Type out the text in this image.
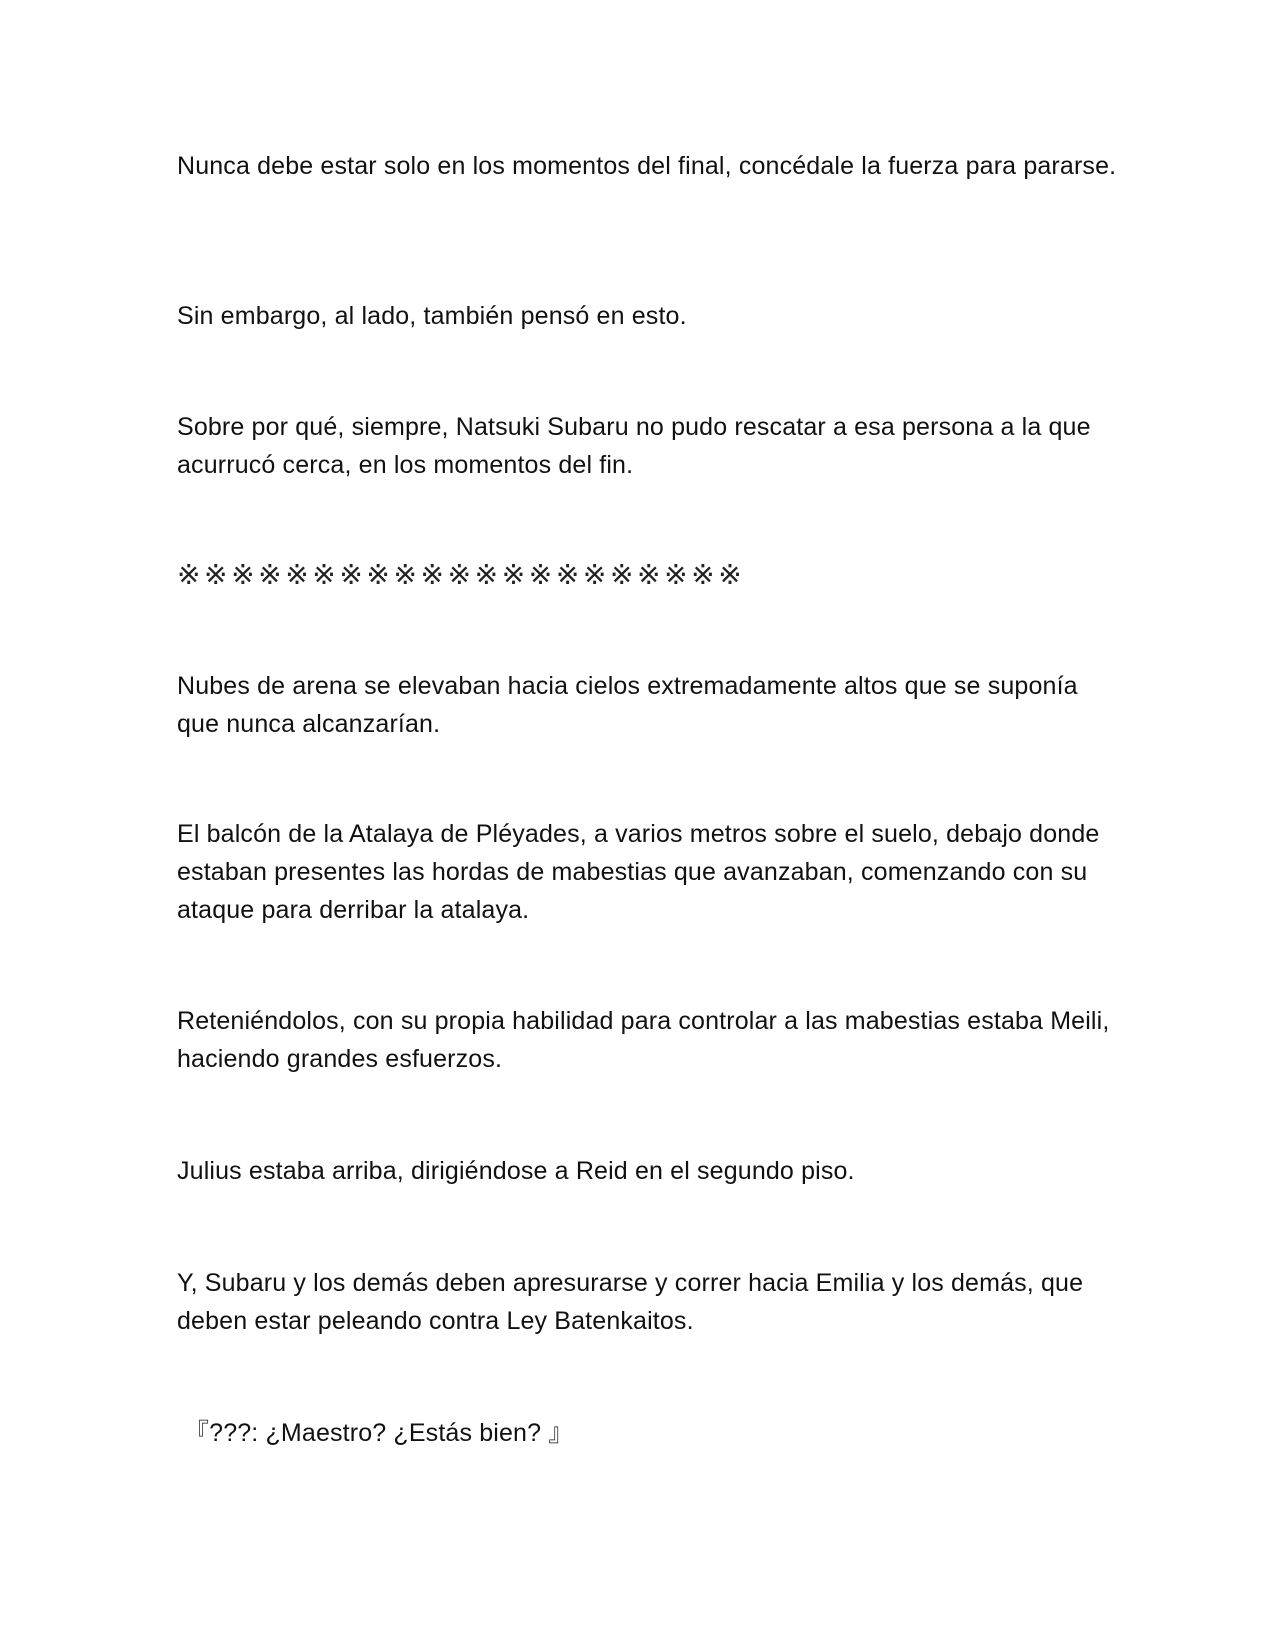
Nunca debe estar solo en los momentos del final, concédale la fuerza para pararse.

Sin embargo, al lado, también pensó en esto.

Sobre por qué, siempre, Natsuki Subaru no pudo rescatar a esa persona a la que acurrucó cerca, en los momentos del fin.

※※※※※※※※※※※※※※※※※※※※※

Nubes de arena se elevaban hacia cielos extremadamente altos que se suponía que nunca alcanzarían.

El balcón de la Atalaya de Pléyades, a varios metros sobre el suelo, debajo donde estaban presentes las hordas de mabestias que avanzaban, comenzando con su ataque para derribar la atalaya.

Reteniéndolos, con su propia habilidad para controlar a las mabestias estaba Meili, haciendo grandes esfuerzos.

Julius estaba arriba, dirigiéndose a Reid en el segundo piso.

Y, Subaru y los demás deben apresurarse y correr hacia Emilia y los demás, que deben estar peleando contra Ley Batenkaitos.

『???: ¿Maestro? ¿Estás bien? 』
